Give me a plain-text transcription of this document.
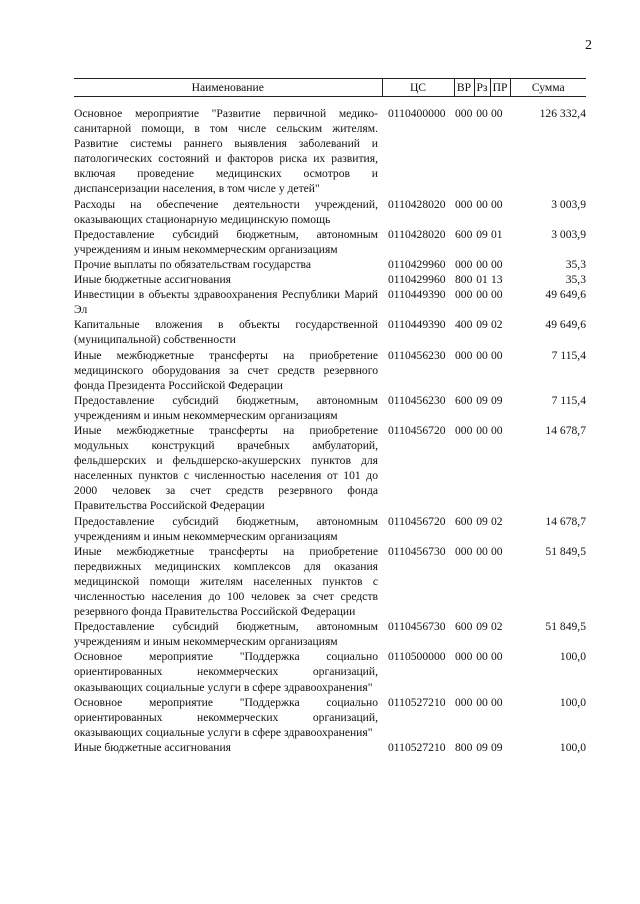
2
Наименование	ЦС	ВР	Рз	ПР	Сумма
Основное мероприятие "Развитие первичной медико-санитарной помощи, в том числе сельским жителям. Развитие системы раннего выявления заболеваний и патологических состояний и факторов риска их развития, включая проведение медицинских осмотров и диспансеризации населения, в том числе у детей"	0110400000	000	00	00	126 332,4
Расходы на обеспечение деятельности учреждений, оказывающих стационарную медицинскую помощь	0110428020	000	00	00	3 003,9
Предоставление субсидий бюджетным, автономным учреждениям и иным некоммерческим организациям	0110428020	600	09	01	3 003,9
Прочие выплаты по обязательствам государства	0110429960	000	00	00	35,3
Иные бюджетные ассигнования	0110429960	800	01	13	35,3
Инвестиции в объекты здравоохранения Республики Марий Эл	0110449390	000	00	00	49 649,6
Капитальные вложения в объекты государственной (муниципальной) собственности	0110449390	400	09	02	49 649,6
Иные межбюджетные трансферты на приобретение медицинского оборудования за счет средств резервного фонда Президента Российской Федерации	0110456230	000	00	00	7 115,4
Предоставление субсидий бюджетным, автономным учреждениям и иным некоммерческим организациям	0110456230	600	09	09	7 115,4
Иные межбюджетные трансферты на приобретение модульных конструкций врачебных амбулаторий, фельдшерских и фельдшерско-акушерских пунктов для населенных пунктов с численностью населения от 101 до 2000 человек за счет средств резервного фонда Правительства Российской Федерации	0110456720	000	00	00	14 678,7
Предоставление субсидий бюджетным, автономным учреждениям и иным некоммерческим организациям	0110456720	600	09	02	14 678,7
Иные межбюджетные трансферты на приобретение передвижных медицинских комплексов для оказания медицинской помощи жителям населенных пунктов с численностью населения до 100 человек за счет средств резервного фонда Правительства Российской Федерации	0110456730	000	00	00	51 849,5
Предоставление субсидий бюджетным, автономным учреждениям и иным некоммерческим организациям	0110456730	600	09	02	51 849,5
Основное мероприятие "Поддержка социально ориентированных некоммерческих организаций, оказывающих социальные услуги в сфере здравоохранения"	0110500000	000	00	00	100,0
Основное мероприятие "Поддержка социально ориентированных некоммерческих организаций, оказывающих социальные услуги в сфере здравоохранения"	0110527210	000	00	00	100,0
Иные бюджетные ассигнования	0110527210	800	09	09	100,0
